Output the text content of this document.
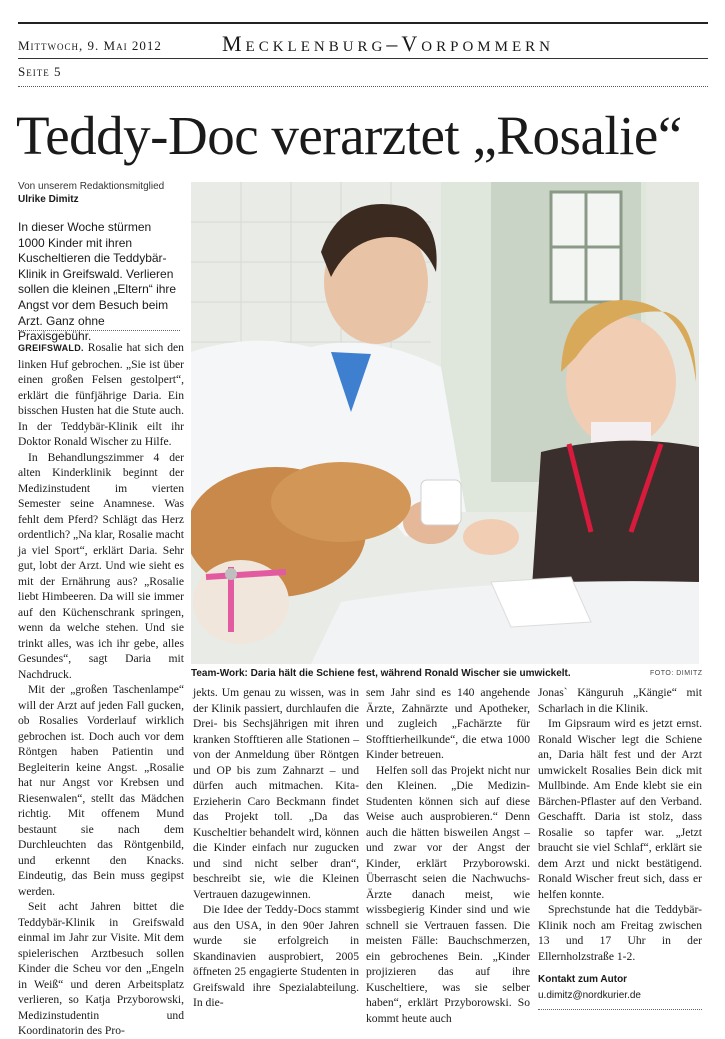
Mittwoch, 9. Mai 2012	Mecklenburg–Vorpommern
Seite 5
Teddy-Doc verarztet „Rosalie“
Von unserem Redaktionsmitglied
Ulrike Dimitz
In dieser Woche stürmen 1000 Kinder mit ihren Kuscheltieren die Teddybär-Klinik in Greifswald. Verlieren sollen die kleinen „Eltern“ ihre Angst vor dem Besuch beim Arzt. Ganz ohne Praxisgebühr.
Team-Work: Daria hält die Schiene fest, während Ronald Wischer sie umwickelt.	FOTO: DIMITZ

GREIFSWALD. Rosalie hat sich den linken Huf gebrochen. „Sie ist über einen großen Felsen gestolpert“, erklärt die fünfjährige Daria. Ein bisschen Husten hat die Stute auch. In der Teddybär-Klinik eilt ihr Doktor Ronald Wischer zu Hilfe.

In Behandlungszimmer 4 der alten Kinderklinik beginnt der Medizinstudent im vierten Semester seine Anamnese. Was fehlt dem Pferd? Schlägt das Herz ordentlich? „Na klar, Rosalie macht ja viel Sport“, erklärt Daria. Sehr gut, lobt der Arzt. Und wie sieht es mit der Ernährung aus? „Rosalie liebt Himbeeren. Da will sie immer auf den Küchenschrank springen, wenn da welche stehen. Und sie trinkt alles, was ich ihr gebe, alles Gesundes“, sagt Daria mit Nachdruck.

Mit der „großen Taschenlampe“ will der Arzt auf jeden Fall gucken, ob Rosalies Vorderlauf wirklich gebrochen ist. Doch auch vor dem Röntgen haben Patientin und Begleiterin keine Angst. „Rosalie hat nur Angst vor Krebsen und Riesenwalen“, stellt das Mädchen richtig. Mit offenem Mund bestaunt sie nach dem Durchleuchten das Röntgenbild, und erkennt den Knacks. Eindeutig, das Bein muss gegipst werden.

Seit acht Jahren bittet die Teddybär-Klinik in Greifswald einmal im Jahr zur Visite. Mit dem spielerischen Arztbesuch sollen Kinder die Scheu vor den „Engeln in Weiß“ und deren Arbeitsplatz verlieren, so Katja Przyborowski, Medizinstudentin und Koordinatorin des Pro-

jekts. Um genau zu wissen, was in der Klinik passiert, durchlaufen die Drei- bis Sechsjährigen mit ihren kranken Stofftieren alle Stationen – von der Anmeldung über Röntgen und OP bis zum Zahnarzt – und dürfen auch mitmachen. Kita-Erzieherin Caro Beckmann findet das Projekt toll. „Da das Kuscheltier behandelt wird, können die Kinder einfach nur zugucken und sind nicht selber dran“, beschreibt sie, wie die Kleinen Vertrauen dazugewinnen.

Die Idee der Teddy-Docs stammt aus den USA, in den 90er Jahren wurde sie erfolgreich in Skandinavien ausprobiert, 2005 öffneten 25 engagierte Studenten in Greifswald ihre Spezialabteilung. In die-

sem Jahr sind es 140 angehende Ärzte, Zahnärzte und Apotheker, und zugleich „Fachärzte für Stofftierheilkunde“, die etwa 1000 Kinder betreuen.

Helfen soll das Projekt nicht nur den Kleinen. „Die Medizin-Studenten können sich auf diese Weise auch ausprobieren.“ Denn auch die hätten bisweilen Angst – und zwar vor der Angst der Kinder, erklärt Przyborowski. Überrascht seien die Nachwuchs-Ärzte danach meist, wie wissbegierig Kinder sind und wie schnell sie Vertrauen fassen. Die meisten Fälle: Bauchschmerzen, ein gebrochenes Bein. „Kinder projizieren das auf ihre Kuscheltiere, was sie selber haben“, erklärt Przyborowski. So kommt heute auch

Jonas` Känguruh „Kängie“ mit Scharlach in die Klinik.

Im Gipsraum wird es jetzt ernst. Ronald Wischer legt die Schiene an, Daria hält fest und der Arzt umwickelt Rosalies Bein dick mit Mullbinde. Am Ende klebt sie ein Bärchen-Pflaster auf den Verband. Geschafft. Daria ist stolz, dass Rosalie so tapfer war. „Jetzt braucht sie viel Schlaf“, erklärt sie dem Arzt und nickt bestätigend. Ronald Wischer freut sich, dass er helfen konnte.

Sprechstunde hat die Teddybär-Klinik noch am Freitag zwischen 13 und 17 Uhr in der Ellernholzstraße 1-2.

Kontakt zum Autor
u.dimitz@nordkurier.de
